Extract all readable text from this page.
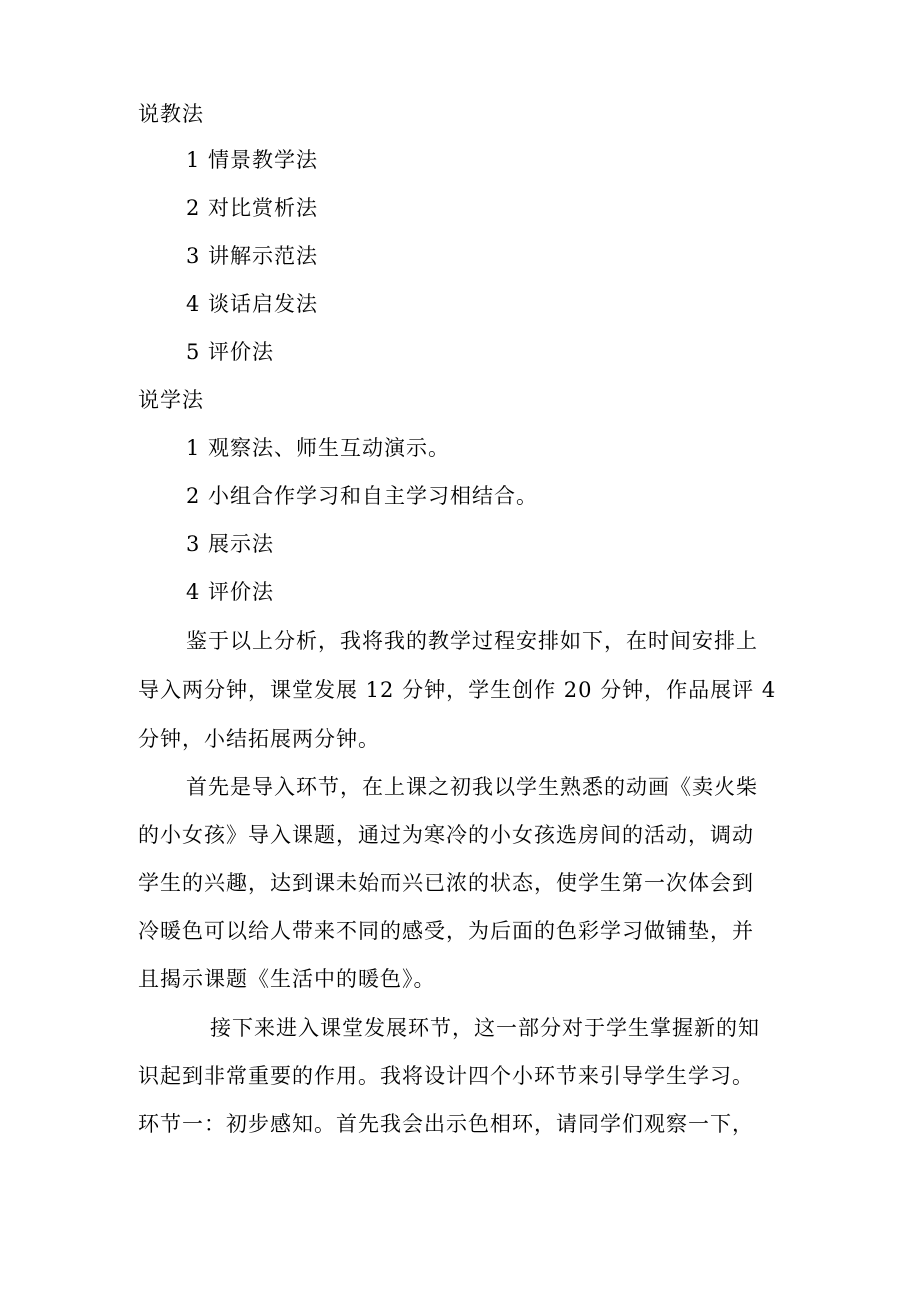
说教法
1 情景教学法
2 对比赏析法
3 讲解示范法
4 谈话启发法
5 评价法
说学法
1 观察法、师生互动演示。
2 小组合作学习和自主学习相结合。
3 展示法
4 评价法
鉴于以上分析，我将我的教学过程安排如下，在时间安排上
导入两分钟，课堂发展 12 分钟，学生创作 20 分钟，作品展评 4
分钟，小结拓展两分钟。
首先是导入环节，在上课之初我以学生熟悉的动画《卖火柴
的小女孩》导入课题，通过为寒冷的小女孩选房间的活动，调动
学生的兴趣，达到课未始而兴已浓的状态，使学生第一次体会到
冷暖色可以给人带来不同的感受，为后面的色彩学习做铺垫，并
且揭示课题《生活中的暖色》。
接下来进入课堂发展环节，这一部分对于学生掌握新的知
识起到非常重要的作用。我将设计四个小环节来引导学生学习。
环节一：初步感知。首先我会出示色相环，请同学们观察一下，
